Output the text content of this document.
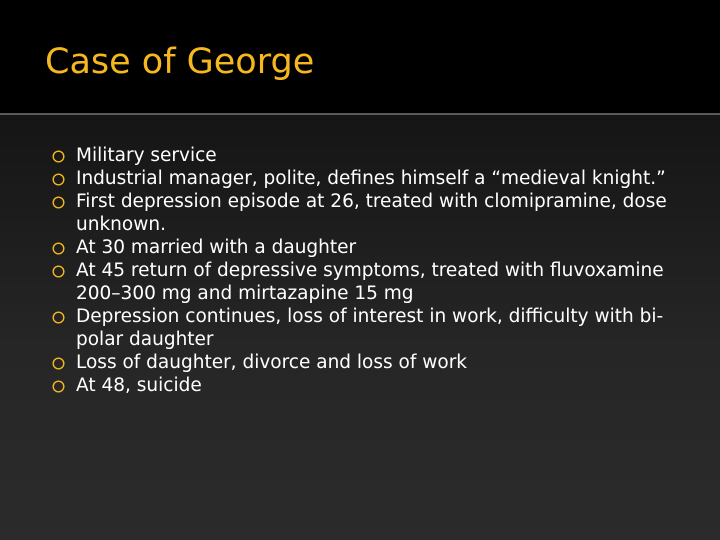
Case of George
Military service
Industrial manager, polite, defines himself a “medieval knight.”
First depression episode at 26, treated with clomipramine, dose unknown.
At 30 married with a daughter
At 45 return of depressive symptoms, treated with fluvoxamine 200–300 mg and mirtazapine 15 mg
Depression continues, loss of interest in work, difficulty with bi-polar daughter
Loss of daughter, divorce and loss of work
At 48, suicide
